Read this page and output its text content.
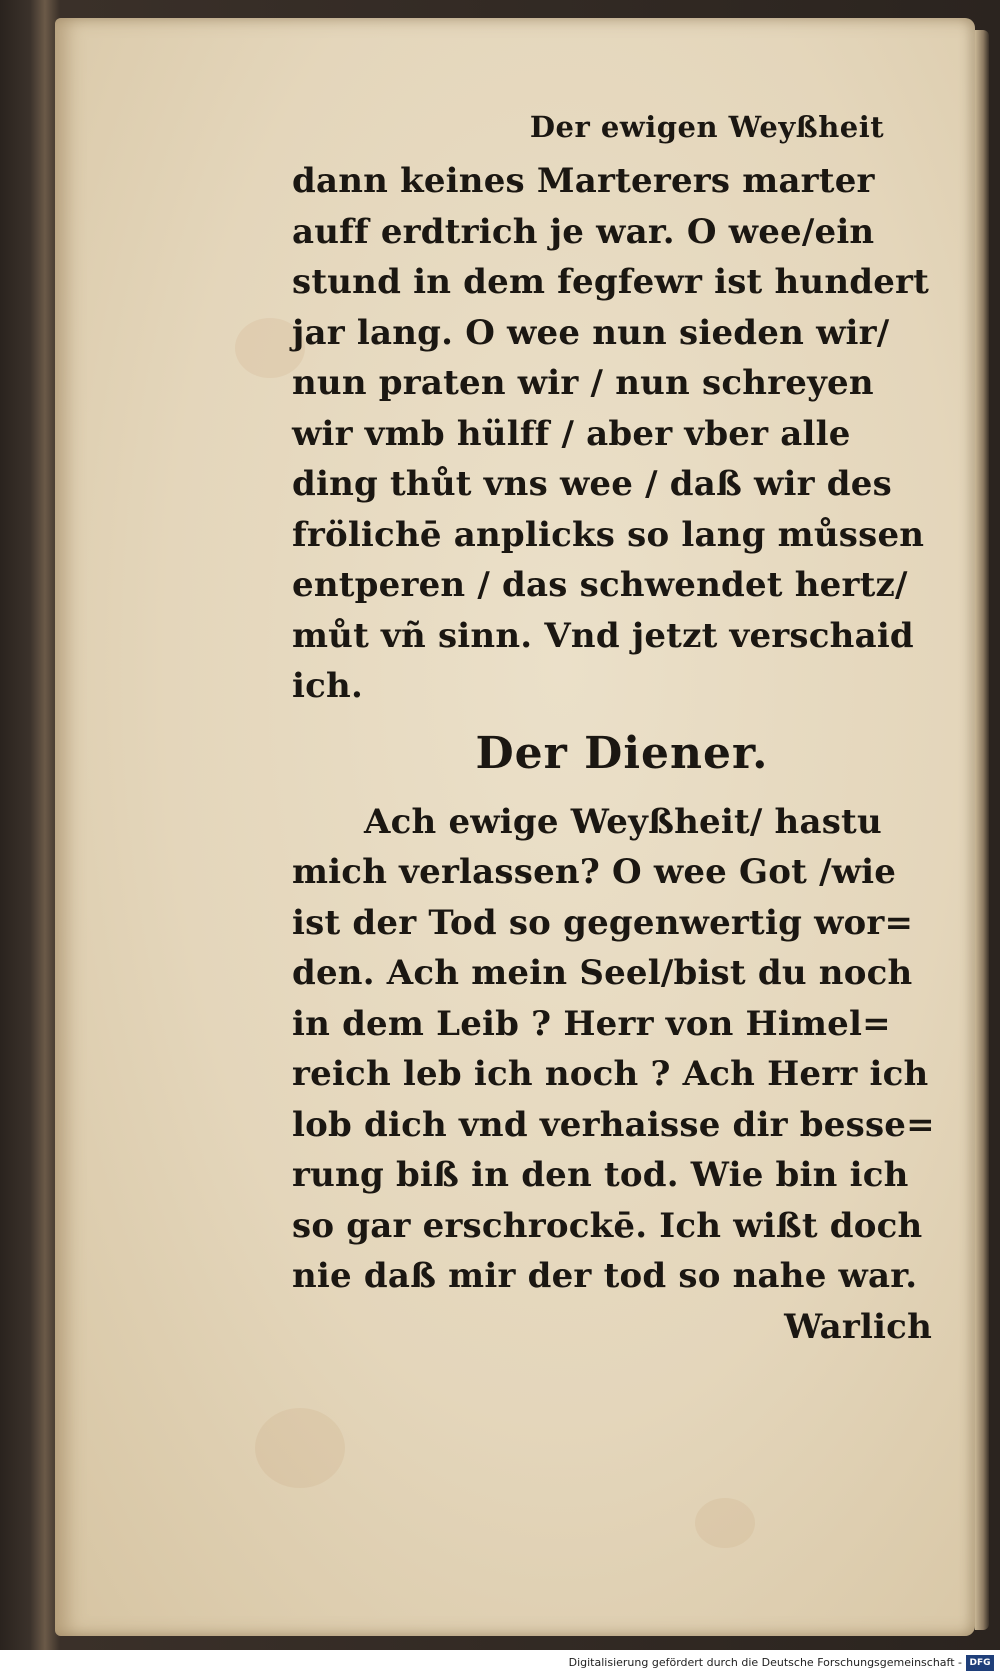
Der ewigen Weyßheit
dann keines Marterers marter
auff erdtrich je war. O wee/ein
stund in dem fegfewr ist hundert
jar lang. O wee nun sieden wir/
nun praten wir / nun schreyen
wir vmb hülff / aber vber alle
ding thůt vns wee / daß wir des
frölichē anplicks so lang můssen
entperen / das schwendet hertz/
můt vñ sinn. Vnd jetzt verschaid
ich.
Der Diener.
Ach ewige Weyßheit/ hastu
mich verlassen? O wee Got /wie
ist der Tod so gegenwertig wor=
den. Ach mein Seel/bist du noch
in dem Leib ? Herr von Himel=
reich leb ich noch ? Ach Herr ich
lob dich vnd verhaisse dir besse=
rung biß in den tod. Wie bin ich
so gar erschrockē. Ich wißt doch
nie daß mir der tod so nahe war.
Warlich
Digitalisierung gefördert durch die Deutsche Forschungsgemeinschaft - DFG
